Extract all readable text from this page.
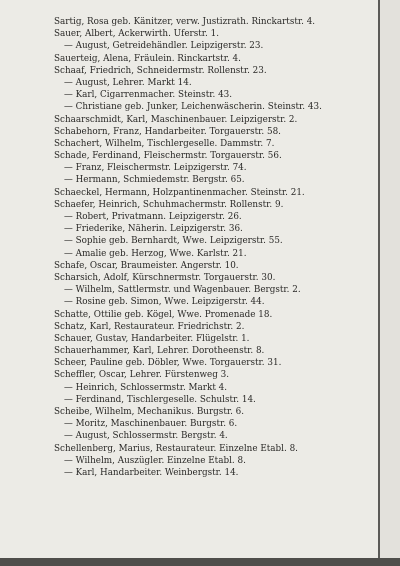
Sartig, Rosa geb. Känitzer, verw. Justizrath. Rinckartstr. 4.
Sauer, Albert, Ackerwirth. Uferstr. 1.
— August, Getreidehändler. Leipzigerstr. 23.
Sauerteig, Alena, Fräulein. Rinckartstr. 4.
Schaaf, Friedrich, Schneidermstr. Rollenstr. 23.
— August, Lehrer. Markt 14.
— Karl, Cigarrenmacher. Steinstr. 43.
— Christiane geb. Junker, Leichenwäscherin. Steinstr. 43.
Schaarschmidt, Karl, Maschinenbauer. Leipzigerstr. 2.
Schabehorn, Franz, Handarbeiter. Torgauerstr. 58.
Schachert, Wilhelm, Tischlergeselle. Dammstr. 7.
Schade, Ferdinand, Fleischermstr. Torgauerstr. 56.
— Franz, Fleischermstr. Leipzigerstr. 74.
— Hermann, Schmiedemstr. Bergstr. 65.
Schaeckel, Hermann, Holzpantinenmacher. Steinstr. 21.
Schaefer, Heinrich, Schuhmachermstr. Rollenstr. 9.
— Robert, Privatmann. Leipzigerstr. 26.
— Friederike, Näherin. Leipzigerstr. 36.
— Sophie geb. Bernhardt, Wwe. Leipzigerstr. 55.
— Amalie geb. Herzog, Wwe. Karlstr. 21.
Schafe, Oscar, Braumeister. Angerstr. 10.
Scharsich, Adolf, Kürschnermstr. Torgauerstr. 30.
— Wilhelm, Sattlermstr. und Wagenbauer. Bergstr. 2.
— Rosine geb. Simon, Wwe. Leipzigerstr. 44.
Schatte, Ottilie geb. Kögel, Wwe. Promenade 18.
Schatz, Karl, Restaurateur. Friedrichstr. 2.
Schauer, Gustav, Handarbeiter. Flügelstr. 1.
Schauerhammer, Karl, Lehrer. Dorotheenstr. 8.
Scheer, Pauline geb. Döbler, Wwe. Torgauerstr. 31.
Scheffler, Oscar, Lehrer. Fürstenweg 3.
— Heinrich, Schlossermstr. Markt 4.
— Ferdinand, Tischlergeselle. Schulstr. 14.
Scheibe, Wilhelm, Mechanikus. Burgstr. 6.
— Moritz, Maschinenbauer. Burgstr. 6.
— August, Schlossermstr. Bergstr. 4.
Schellenberg, Marius, Restaurateur. Einzelne Etabl. 8.
— Wilhelm, Auszügler. Einzelne Etabl. 8.
— Karl, Handarbeiter. Weinbergstr. 14.
